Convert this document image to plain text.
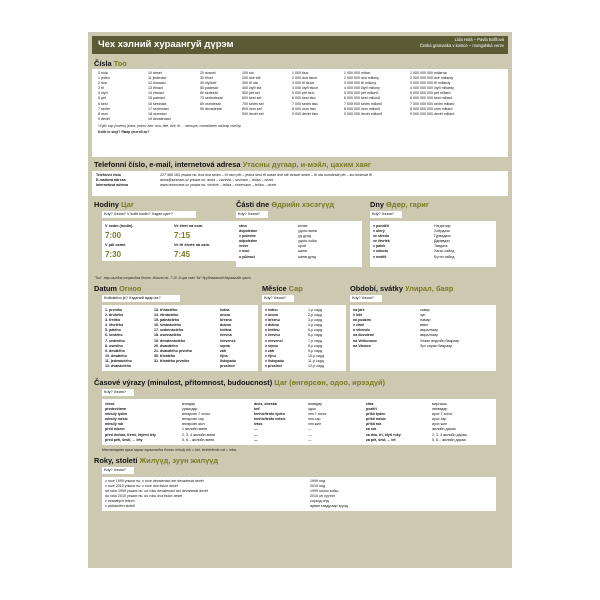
Чех хэлний хураангуй дүрэм	Lída Holá – Pavla Bořilová
Česká gramatika v kostce – mongolská verze
Čísla Тоо
0 nula
1 jeden
2 dva
3 tři
4 čtyři
5 pět
6 šest
7 sedm
8 osm
9 devět
10 deset
11 jedenáct
12 dvanáct
13 třináct
14 čtrnáct
15 patnáct
16 šestnáct
17 sedmnáct
18 osmnáct
19 devatenáct
20 dvacet
30 třicet
40 čtyřicet
50 padesát
60 šedesát
70 sedmdesát
80 osmdesát
90 devadesát
100 sto
200 dvě stě
300 tři sta
400 čtyři sta
500 pět set
600 šest set
700 sedm set
800 osm set
900 devět set
1 000 tisíc
2 000 dva tisíce
3 000 tři tisíce
4 000 čtyři tisíce
5 000 pět tisíc
6 000 šest tisíc
7 000 sedm tisíc
8 000 osm tisíc
9 000 devět tisíc
1 000 000 milion
2 000 000 dva miliony
3 000 000 tři miliony
4 000 000 čtyři miliony
5 000 000 pět milionů
6 000 000 šest milionů
7 000 000 sedm milionů
8 000 000 osm milionů
9 000 000 devět milionů
1 000 000 000 miliarda
2 000 000 000 dvě miliardy
3 000 000 000 tři miliardy
4 000 000 000 čtyři miliardy
5 000 000 000 pět miliard
6 000 000 000 šest miliard
7 000 000 000 sedm miliard
8 000 000 000 osm miliard
9 000 000 000 devět miliard
*Хүйс хар (rodem) jedna, jedno/ жен. dva, две, dvě; tři, ...четыре; совпадает нэйжэр хэлбэр
Kolik to stojí? Ямар үнэтэй вэ?
Telefonní číslo, e-mail, internetová adresa Утасны дугаар, и-мэйл, цахим хаяг
Telefonní číslo
E-mailová adresa
Internetová adresa
227 385 163 унших нь: dva dva sedm – tři osm pět – jedna šest tři эсвэл dvě stě dvacet sedm – tři sta osmdesát pět – sto šedesát tři
anna@seznam.cz унших нь: anna – zavináč – seznam – tečka – cézet
www.rezervace.cz унших нь: věvěvě – tečka – rezervace – tečka – cézet
Hodiny Цаг
Kdy? Хэзээ? V kolik hodin? Хэдэн цагт?
V sedm (hodin).
7:00
Ve čtvrt na osm.
7:15
V půl osmé.
7:30
Ve tři čtvrtě na osm.
7:45
Části dne Өдрийн хэсэгүүд
Kdy? Хэзээ?
ráno
dopoledne
v poledne
odpoledne
večer
v noci
o půlnoci
өглөө
үдээс өмнө
үд дунд
үдээс хойш
орой
шөнө
шөнө дунд
Dny Өдөр, гариг
Kdy? Хэзээ?
v pondělí
v úterý
ve středu
ve čtvrtek
v pátek
v sobotu
v neděli
Нэгдэгээр
Хоёрдахь
Гурвадахь
Дөрөвдэх
Тавдахь
Хагас сайнд
Бүтэн сайнд
"Tиз" -өөр шилдэг илэрхийлж болно. Жишээ нь: 7:15 -8 цаг хэвх "tiz" дуудлагатай дараагийн цагт.
Datum Огноо
Kolikátého je? Хэдэний өдөр вэ?
1. prvního
2. druhého
3. třetího
4. čtvrtého
5. pátého
6. šestého
7. sedmého
8. osmého
9. devátého
10. desátého
11. jedenáctého
12. dvanáctého
13. třináctého
14. čtrnáctého
15. patnáctého
16. šestnáctého
17. sedmnáctého
18. osmnáctého
19. devatenáctého
20. dvacátého
21. dvacátého prvního
30. třicátého
31. třicátého prvního
ledna
února
března
dubna
května
června
července
srpna
září
října
listopadu
prosince
Měsíce Сар
Kdy? Хэзээ?
v lednu
v únoru
v březnu
v dubnu
v květnu
v červnu
v červenci
v srpnu
v září
v říjnu
v listopadu
v prosinci
1-р сард
2-р сард
3-р сард
4-р сард
5-р сард
6-р сард
7-р сард
8-р сард
9-р сард
10-р сард
11-р сард
12-р сард
Období, svátky Улирал, баяр
Kdy? Хэзээ?
na jaře
v létě
na podzim
v zimě
o víkendu
na dovolené
na Velikonoce
na Vánoce
хавар
зун
намар
өвөл
амралтаар
амралтаар
Улаан өндгийн баяраар
Зул сарын баяраар
Časové výrazy (minulost, přítomnost, budoucnost) Цаг (өнгөрсөн, одоо, ирээдүй)
Kdy? Хэзээ?
včera
předevčírem
minulý týden
minulý měsíc
minulý rok
před rokem
před dvěma, třemi, čtyřmi lety
před pěti, šesti, ... lety
өчигдөр
уржигдар
өнгөрсөн 7 хоног
өнгөрсөн сар
өнгөрсөн жил
1 жилийн өмнө
2, 3, 4 жилийн өмнө
5, 6... жилийн өмнө
dnes, dneska
teď
tenhle/tento týden
tenhle/tento měsíc
letos
—
—
—
өнөөдөр
одоо
энэ 7 хоног
энэ сар
энэ жил
—
—
—
zítra
pozítří
příští týden
příští měsíc
příští rok
za rok
za dva, tři, čtyři roky
za pět, šest, ... let
маргааш
нөгөөдөр
ирэх 7 хоног
ирэх сар
ирэх жил
жилийн дараа
2, 3, 4 жилийн дараа
5, 6... жилийн дараа
Мөн өнгөрсөн ярьж зарим хэрэглэгдэх болно: minulý rok = loni, tenhle/tento rok = letos.
Roky, století Жилүүд, зуун жилүүд
Kdy? Хэзээ?
v roce 1999 унших нь: v roce devatenáct set devadesát devět
v roce 2010 унших нь: v roce dva tisíce deset
od roku 1999 унших нь: od roku devatenáct set devadesát devět
do roku 2010 унших нь: do roku dva tisíce deset
v dvacátých letech
v patnáctém století
1999 онд
2010 онд
1999 оноос хойш
2010 он хүртэл
хорьод онд
арван тавдугаар зуунд
